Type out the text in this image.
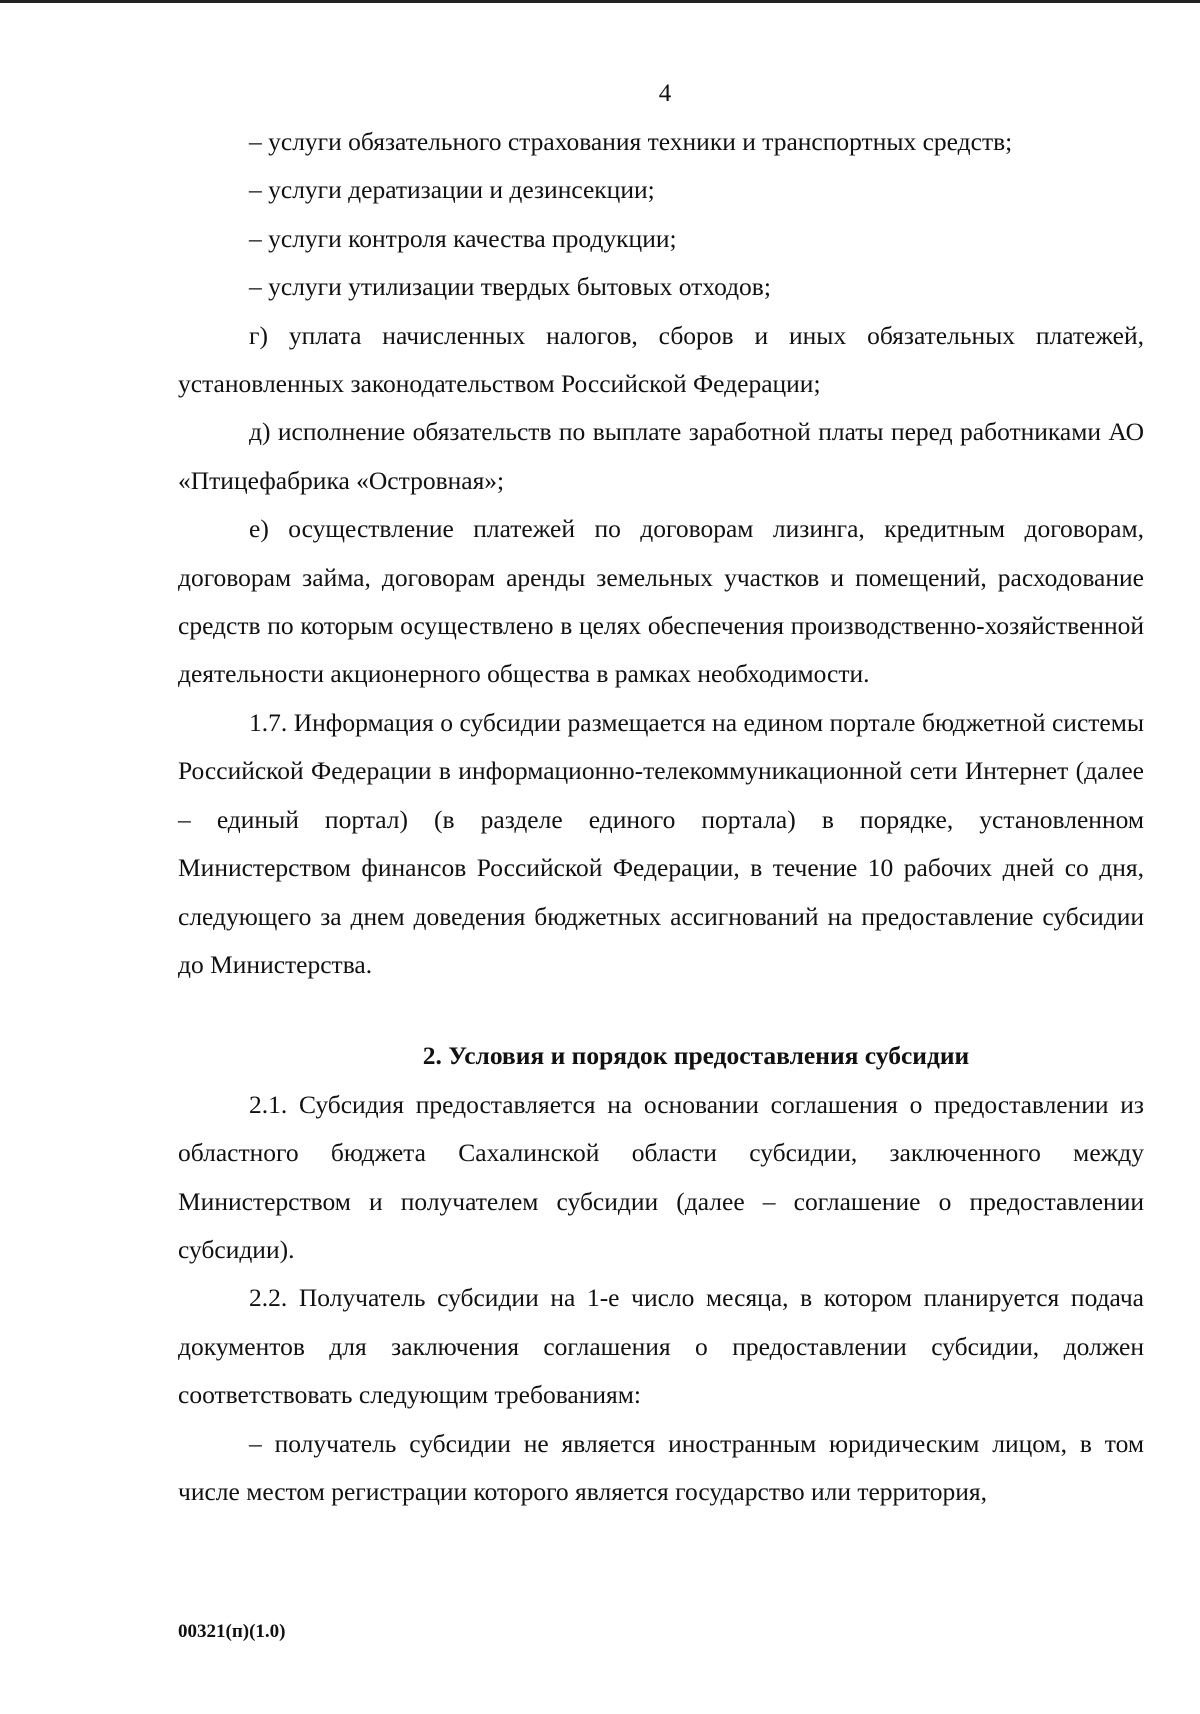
4

– услуги обязательного страхования техники и транспортных средств;

– услуги дератизации и дезинсекции;

– услуги контроля качества продукции;

– услуги утилизации твердых бытовых отходов;

г) уплата начисленных налогов, сборов и иных обязательных платежей, установленных законодательством Российской Федерации;

д) исполнение обязательств по выплате заработной платы перед работниками АО «Птицефабрика «Островная»;

е) осуществление платежей по договорам лизинга, кредитным договорам, договорам займа, договорам аренды земельных участков и помещений, расходование средств по которым осуществлено в целях обеспечения производственно-хозяйственной деятельности акционерного общества в рамках необходимости.

1.7. Информация о субсидии размещается на едином портале бюджетной системы Российской Федерации в информационно-телекоммуникационной сети Интернет (далее – единый портал) (в разделе единого портала) в порядке, установленном Министерством финансов Российской Федерации, в течение 10 рабочих дней со дня, следующего за днем доведения бюджетных ассигнований на предоставление субсидии до Министерства.

2. Условия и порядок предоставления субсидии

2.1. Субсидия предоставляется на основании соглашения о предоставлении из областного бюджета Сахалинской области субсидии, заключенного между Министерством и получателем субсидии (далее – соглашение о предоставлении субсидии).

2.2. Получатель субсидии на 1-е число месяца, в котором планируется подача документов для заключения соглашения о предоставлении субсидии, должен соответствовать следующим требованиям:

– получатель субсидии не является иностранным юридическим лицом, в том числе местом регистрации которого является государство или территория,

00321(п)(1.0)
